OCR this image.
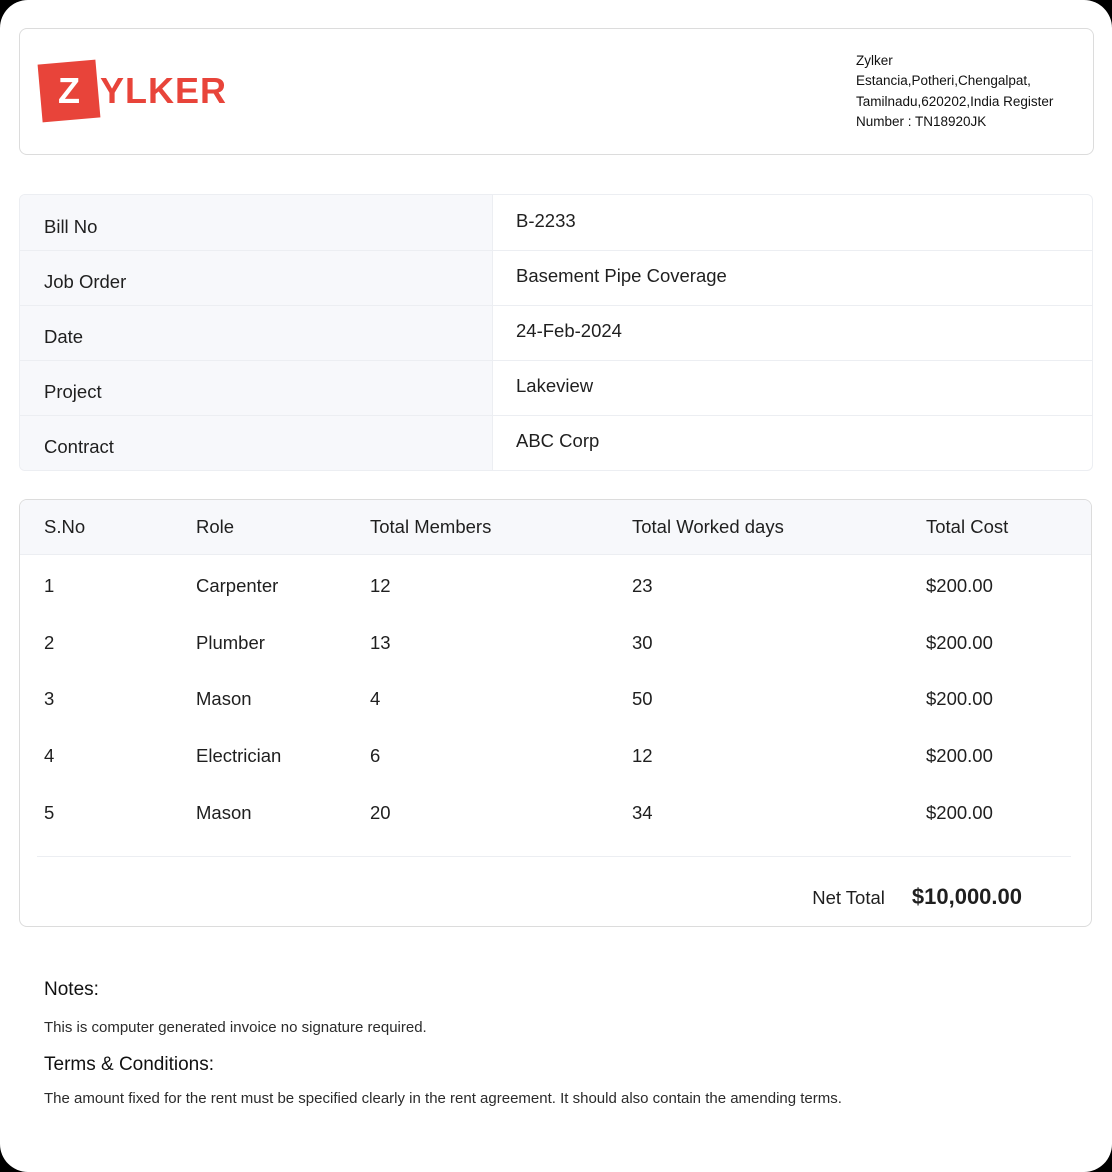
Z YLKER
Zylker
Estancia,Potheri,Chengalpat,
Tamilnadu,620202,India Register
Number : TN18920JK
Bill No	B-2233
Job Order	Basement Pipe Coverage
Date	24-Feb-2024
Project	Lakeview
Contract	ABC Corp
S.No	Role	Total Members	Total Worked days	Total Cost
1	Carpenter	12	23	$200.00
2	Plumber	13	30	$200.00
3	Mason	4	50	$200.00
4	Electrician	6	12	$200.00
5	Mason	20	34	$200.00
Net Total $10,000.00
Notes:

This is computer generated invoice no signature required.

Terms & Conditions:

The amount fixed for the rent must be specified clearly in the rent agreement. It should also contain the amending terms.
